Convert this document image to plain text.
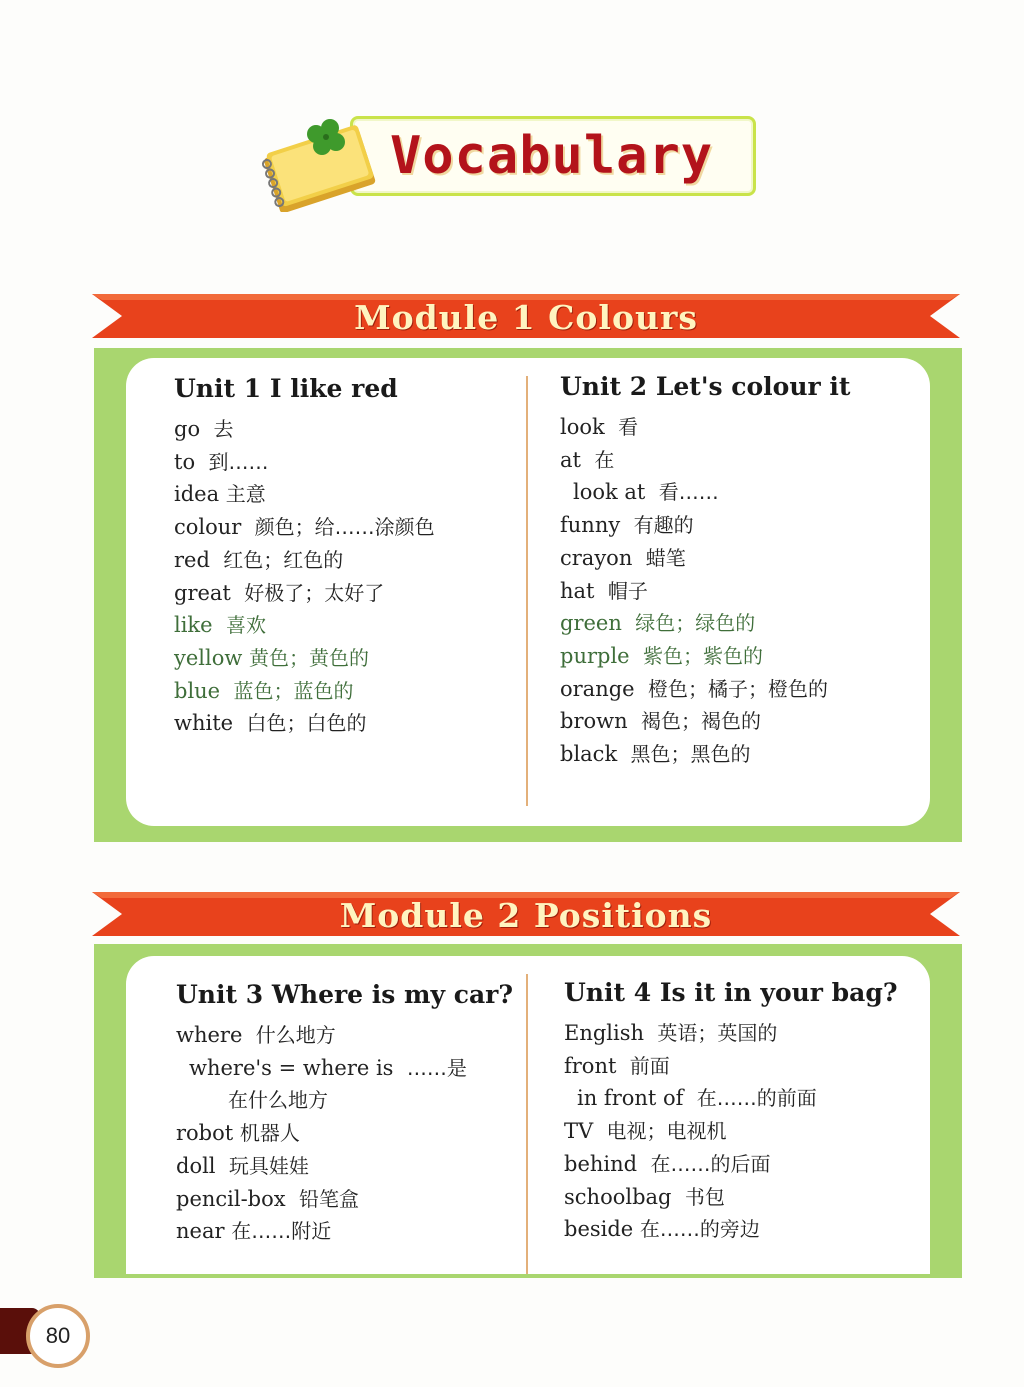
Vocabulary
Module 1 Colours
Unit 1 I like red
go 去
to 到……
idea 主意
colour 颜色；给……涂颜色
red 红色；红色的
great 好极了；太好了
like 喜欢
yellow 黄色；黄色的
blue 蓝色；蓝色的
white 白色；白色的
Unit 2 Let's colour it
look 看
at 在
look at 看……
funny 有趣的
crayon 蜡笔
hat 帽子
green 绿色；绿色的
purple 紫色；紫色的
orange 橙色；橘子；橙色的
brown 褐色；褐色的
black 黑色；黑色的
Module 2 Positions
Unit 3 Where is my car?
where 什么地方
where's = where is ……是
在什么地方
robot 机器人
doll 玩具娃娃
pencil-box 铅笔盒
near 在……附近
Unit 4 Is it in your bag?
English 英语；英国的
front 前面
in front of 在……的前面
TV 电视；电视机
behind 在……的后面
schoolbag 书包
beside 在……的旁边
80
